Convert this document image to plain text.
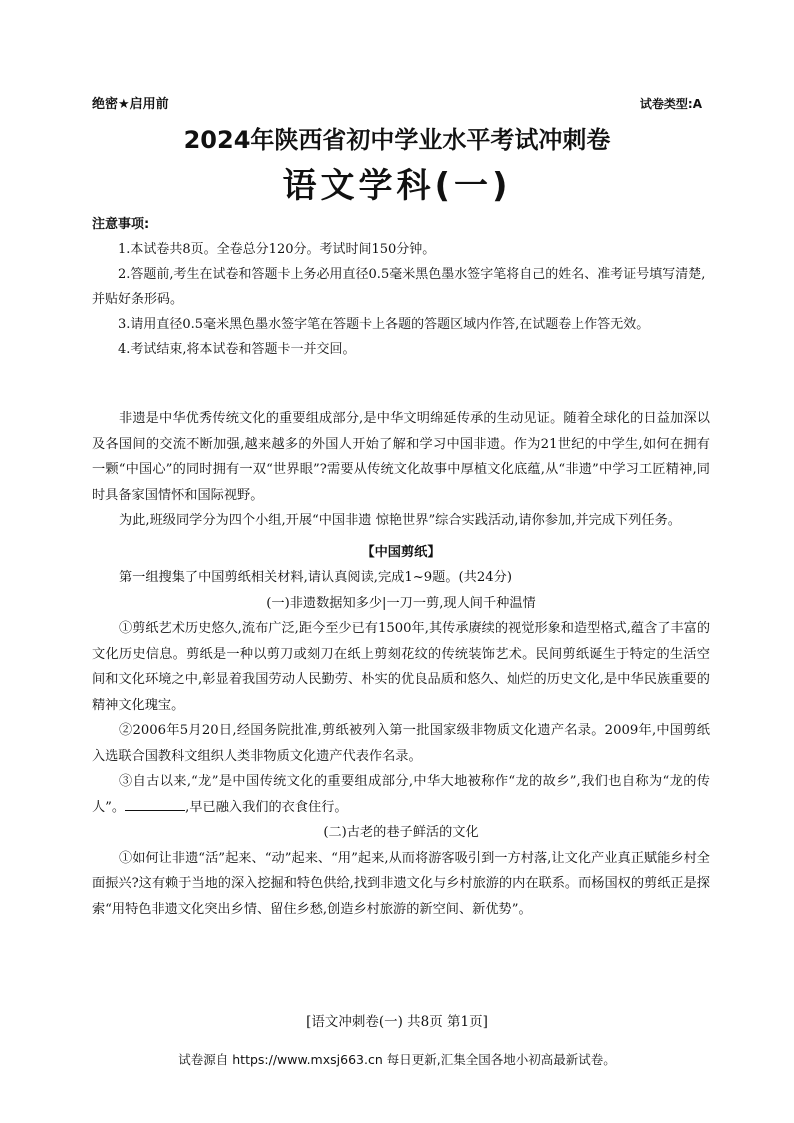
绝密★启用前	试卷类型:A
2024年陕西省初中学业水平考试冲刺卷
语文学科(一)
注意事项:
1.本试卷共8页。全卷总分120分。考试时间150分钟。
2.答题前,考生在试卷和答题卡上务必用直径0.5毫米黑色墨水签字笔将自己的姓名、准考证号填写清楚,并贴好条形码。
3.请用直径0.5毫米黑色墨水签字笔在答题卡上各题的答题区域内作答,在试题卷上作答无效。
4.考试结束,将本试卷和答题卡一并交回。
非遗是中华优秀传统文化的重要组成部分,是中华文明绵延传承的生动见证。随着全球化的日益加深以及各国间的交流不断加强,越来越多的外国人开始了解和学习中国非遗。作为21世纪的中学生,如何在拥有一颗“中国心”的同时拥有一双“世界眼”?需要从传统文化故事中厚植文化底蕴,从“非遗”中学习工匠精神,同时具备家国情怀和国际视野。
为此,班级同学分为四个小组,开展“中国非遗 惊艳世界”综合实践活动,请你参加,并完成下列任务。
【中国剪纸】
第一组搜集了中国剪纸相关材料,请认真阅读,完成1~9题。(共24分)
(一)非遗数据知多少|一刀一剪,现人间千种温情
①剪纸艺术历史悠久,流布广泛,距今至少已有1500年,其传承赓续的视觉形象和造型格式,蕴含了丰富的文化历史信息。剪纸是一种以剪刀或刻刀在纸上剪刻花纹的传统装饰艺术。民间剪纸诞生于特定的生活空间和文化环境之中,彰显着我国劳动人民勤劳、朴实的优良品质和悠久、灿烂的历史文化,是中华民族重要的精神文化瑰宝。
②2006年5月20日,经国务院批准,剪纸被列入第一批国家级非物质文化遗产名录。2009年,中国剪纸入选联合国教科文组织人类非物质文化遗产代表作名录。
③自古以来,“龙”是中国传统文化的重要组成部分,中华大地被称作“龙的故乡”,我们也自称为“龙的传人”。	,早已融入我们的衣食住行。
(二)古老的巷子鲜活的文化
①如何让非遗“活”起来、“动”起来、“用”起来,从而将游客吸引到一方村落,让文化产业真正赋能乡村全面振兴?这有赖于当地的深入挖掘和特色供给,找到非遗文化与乡村旅游的内在联系。而杨国权的剪纸正是探索“用特色非遗文化突出乡情、留住乡愁,创造乡村旅游的新空间、新优势”。
[语文冲刺卷(一) 共8页 第1页]
试卷源自 https://www.mxsj663.cn 每日更新,汇集全国各地小初高最新试卷。
